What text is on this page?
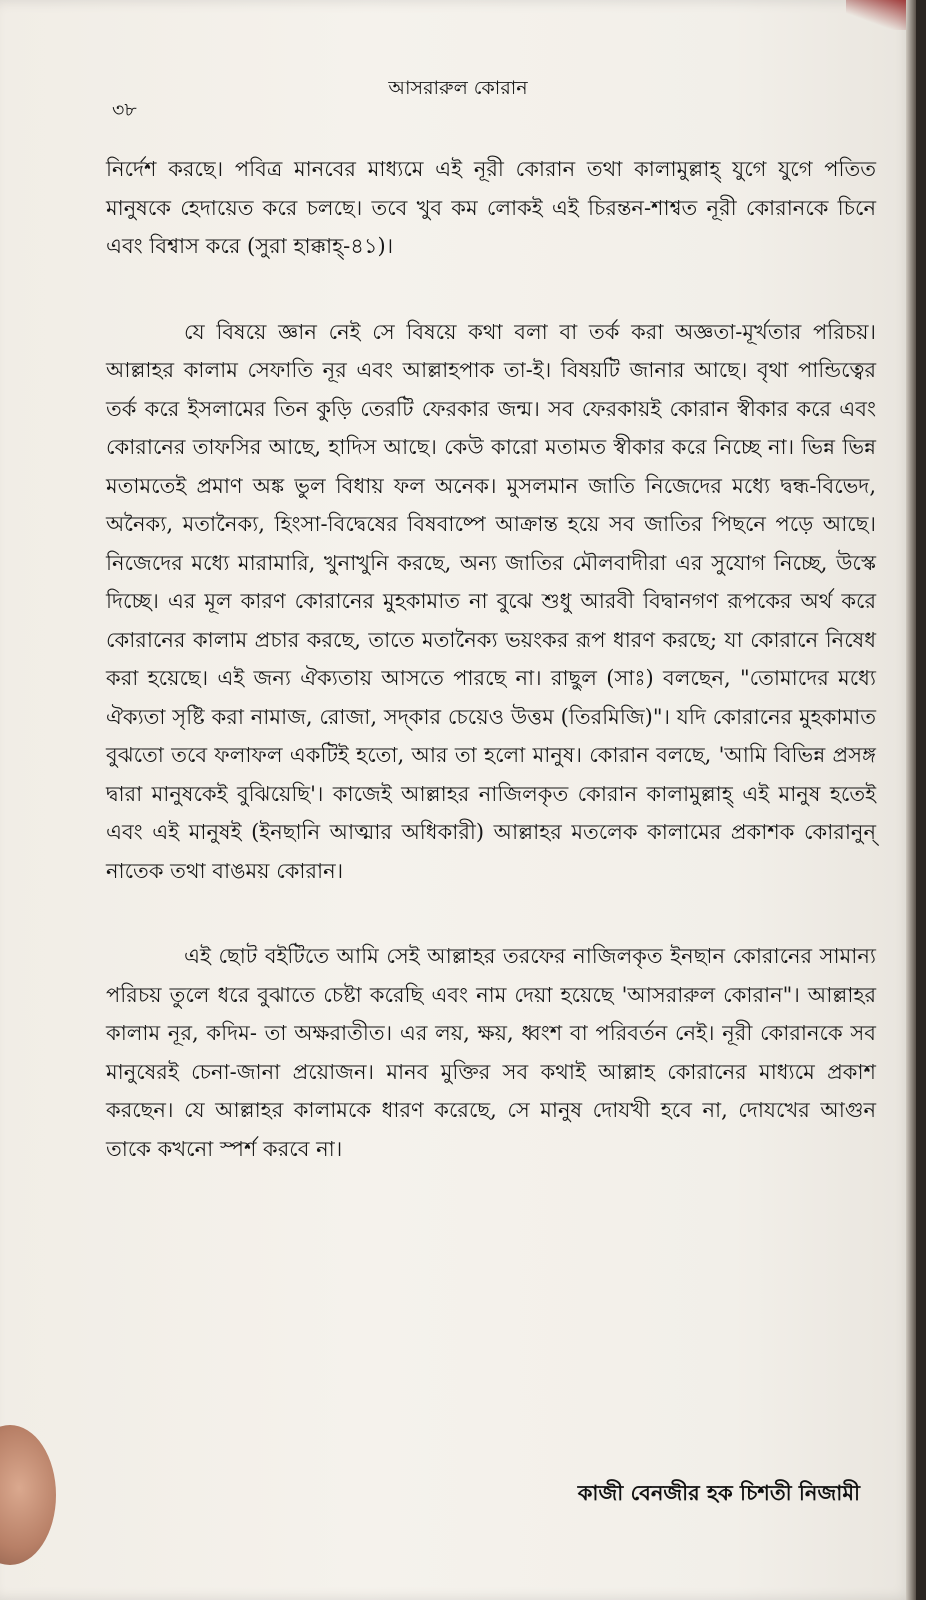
আসরারুল কোরান
৩৮

নির্দেশ করছে। পবিত্র মানবের মাধ্যমে এই নূরী কোরান তথা কালামুল্লাহ্ যুগে যুগে পতিত মানুষকে হেদায়েত করে চলছে। তবে খুব কম লোকই এই চিরন্তন-শাশ্বত নূরী কোরানকে চিনে এবং বিশ্বাস করে (সুরা হাক্কাহ্-৪১)।

যে বিষয়ে জ্ঞান নেই সে বিষয়ে কথা বলা বা তর্ক করা অজ্ঞতা-মূর্খতার পরিচয়। আল্লাহর কালাম সেফাতি নূর এবং আল্লাহপাক তা-ই। বিষয়টি জানার আছে। বৃথা পান্ডিত্বের তর্ক করে ইসলামের তিন কুড়ি তেরটি ফেরকার জন্ম। সব ফেরকায়ই কোরান স্বীকার করে এবং কোরানের তাফসির আছে, হাদিস আছে। কেউ কারো মতামত স্বীকার করে নিচ্ছে না। ভিন্ন ভিন্ন মতামতেই প্রমাণ অঙ্ক ভুল বিধায় ফল অনেক। মুসলমান জাতি নিজেদের মধ্যে দ্বন্ধ-বিভেদ, অনৈক্য, মতানৈক্য, হিংসা-বিদ্বেষের বিষবাষ্পে আক্রান্ত হয়ে সব জাতির পিছনে পড়ে আছে। নিজেদের মধ্যে মারামারি, খুনাখুনি করছে, অন্য জাতির মৌলবাদীরা এর সুযোগ নিচ্ছে, উস্কে দিচ্ছে। এর মূল কারণ কোরানের মুহকামাত না বুঝে শুধু আরবী বিদ্বানগণ রূপকের অর্থ করে কোরানের কালাম প্রচার করছে, তাতে মতানৈক্য ভয়ংকর রূপ ধারণ করছে; যা কোরানে নিষেধ করা হয়েছে। এই জন্য ঐক্যতায় আসতে পারছে না। রাছুল (সাঃ) বলছেন, "তোমাদের মধ্যে ঐক্যতা সৃষ্টি করা নামাজ, রোজা, সদ্কার চেয়েও উত্তম (তিরমিজি)"। যদি কোরানের মুহকামাত বুঝতো তবে ফলাফল একটিই হতো, আর তা হলো মানুষ। কোরান বলছে, 'আমি বিভিন্ন প্রসঙ্গ দ্বারা মানুষকেই বুঝিয়েছি'। কাজেই আল্লাহর নাজিলকৃত কোরান কালামুল্লাহ্ এই মানুষ হতেই এবং এই মানুষই (ইনছানি আত্মার অধিকারী) আল্লাহর মতলেক কালামের প্রকাশক কোরানুন্ নাতেক তথা বাঙময় কোরান।

এই ছোট বইটিতে আমি সেই আল্লাহর তরফের নাজিলকৃত ইনছান কোরানের সামান্য পরিচয় তুলে ধরে বুঝাতে চেষ্টা করেছি এবং নাম দেয়া হয়েছে 'আসরারুল কোরান"। আল্লাহর কালাম নূর, কদিম- তা অক্ষরাতীত। এর লয়, ক্ষয়, ধ্বংশ বা পরিবর্তন নেই। নূরী কোরানকে সব মানুষেরই চেনা-জানা প্রয়োজন। মানব মুক্তির সব কথাই আল্লাহ কোরানের মাধ্যমে প্রকাশ করছেন। যে আল্লাহর কালামকে ধারণ করেছে, সে মানুষ দোযখী হবে না, দোযখের আগুন তাকে কখনো স্পর্শ করবে না।

কাজী বেনজীর হক চিশতী নিজামী
